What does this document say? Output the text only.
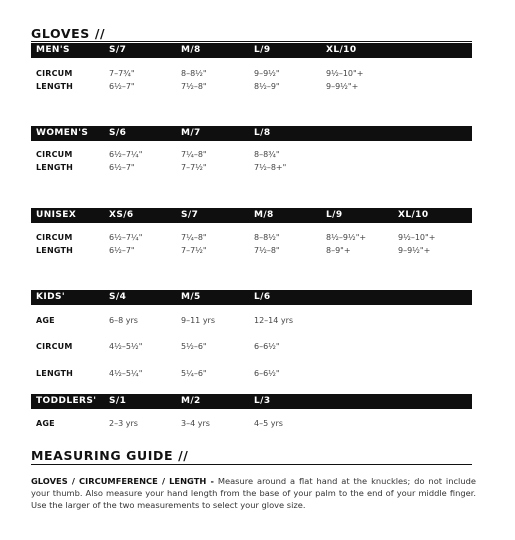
GLOVES //
MEN'S	S/7	M/8	L/9	XL/10
CIRCUM	7–7¾"	8–8½"	9–9½"	9½–10"+
LENGTH	6½–7"	7½–8"	8½–9"	9–9½"+
WOMEN'S S/6	M/7	L/8
CIRCUM	6½–7¼"	7¼–8"	8–8¾"
LENGTH	6½–7"	7–7½"	7½–8+"
UNISEX	XS/6	S/7	M/8	L/9	XL/10
CIRCUM	6½–7¼"	7¼–8"	8–8½"	8½–9½"+	9½–10"+
LENGTH	6½–7"	7–7½"	7½–8"	8–9"+	9–9½"+
KIDS'	S/4	M/5	L/6
AGE	6–8 yrs	9–11 yrs	12–14 yrs
CIRCUM	4½–5½"	5½–6"	6–6½"
LENGTH	4½–5¼"	5¼–6"	6–6½"
TODDLERS' S/1	M/2	L/3
AGE	2–3 yrs	3–4 yrs	4–5 yrs
MEASURING GUIDE //
GLOVES / CIRCUMFERENCE / LENGTH - Measure around a flat hand at the knuckles; do not include your thumb. Also measure your hand length from the base of your palm to the end of your middle finger. Use the larger of the two measurements to select your glove size.
